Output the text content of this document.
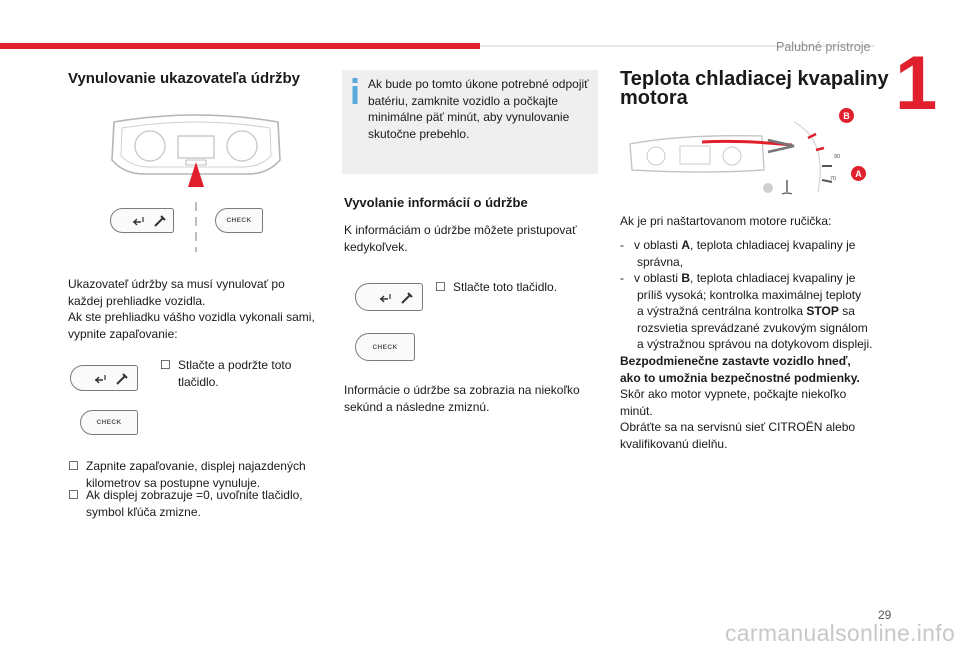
Palubné prístroje 1
Vynulovanie ukazovateľa údržby
CHECK
Ukazovateľ údržby sa musí vynulovať po
každej prehliadke vozidla.
Ak ste prehliadku vášho vozidla vykonali sami,
vypnite zapaľovanie:
☐ Stlačte a podržte toto
tlačidlo.
CHECK
☐ Zapnite zapaľovanie, displej najazdených
kilometrov sa postupne vynuluje.
☐ Ak displej zobrazuje =0, uvoľnite tlačidlo,
symbol kľúča zmizne.
Ak bude po tomto úkone potrebné odpojiť
batériu, zamknite vozidlo a počkajte
minimálne päť minút, aby vynulovanie
skutočne prebehlo.
Vyvolanie informácií o údržbe
K informáciám o údržbe môžete pristupovať
kedykoľvek.
☐ Stlačte toto tlačidlo.
CHECK
Informácie o údržbe sa zobrazia na niekoľko
sekúnd a následne zmiznú.
Teplota chladiacej kvapaliny
motora
90
70
B
A
Ak je pri naštartovanom motore ručička:
-   v oblasti A, teplota chladiacej kvapaliny je
správna,
-   v oblasti B, teplota chladiacej kvapaliny je
príliš vysoká; kontrolka maximálnej teploty
a výstražná centrálna kontrolka STOP sa
rozsvietia sprevádzané zvukovým signálom
a výstražnou správou na dotykovom displeji.
Bezpodmienečne zastavte vozidlo hneď,
ako to umožnia bezpečnostné podmienky.
Skôr ako motor vypnete, počkajte niekoľko
minút.
Obráťte sa na servisnú sieť CITROËN alebo
kvalifikovanú dielňu.
29
carmanualsonline.info
